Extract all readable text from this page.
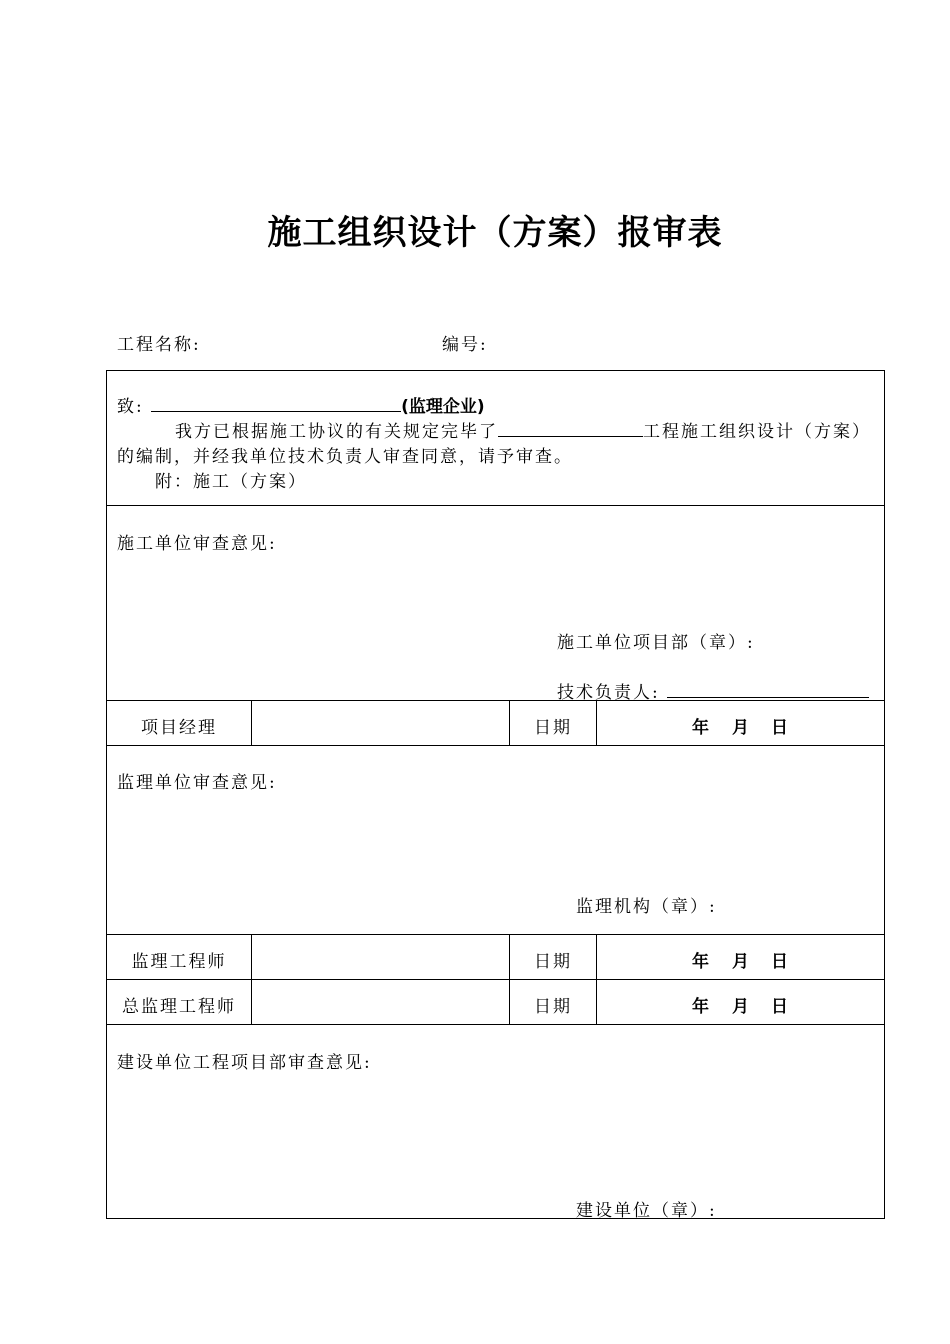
施工组织设计（方案）报审表
工程名称:	编号:
致:	(监理企业)
我方已根据施工协议的有关规定完毕了	工程施工组织设计（方案）
的编制，并经我单位技术负责人审查同意，请予审查。
附：施工（方案）
施工单位审查意见:
施工单位项目部（章）:
技术负责人:
项目经理	日期	年 月 日
监理单位审查意见:
监理机构（章）:
监理工程师	日期	年 月 日
总监理工程师	日期	年 月 日
建设单位工程项目部审查意见:
建设单位（章）:
